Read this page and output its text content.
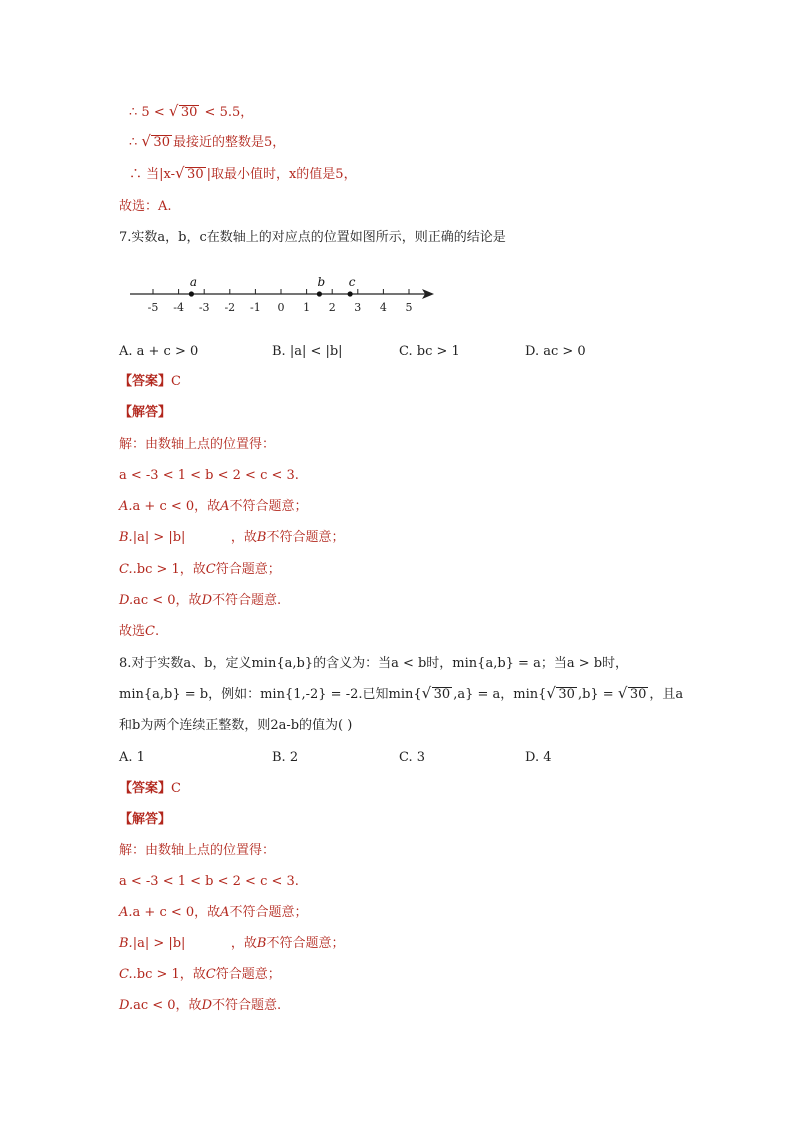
∴ 5 < √ 30 < 5.5，
∴ √ 30 最接近的整数是5，
∴ 当|x- √ 30 |取最小值时，x的值是5，
故选：A.
7.实数a，b，c在数轴上的对应点的位置如图所示，则正确的结论是
-5 -4 -3 -2 -1 0 1 2 3 4 5
a	b c
A. a + c > 0	B. |a| < |b|	C. bc > 1	D. ac > 0
【答案】C
【解答】
解：由数轴上点的位置得：
a < -3 < 1 < b < 2 < c < 3.
A.a + c < 0，故A不符合题意；
B.|a| > |b|           ，故B不符合题意；
C..bc > 1，故C符合题意；
D.ac < 0，故D不符合题意.
故选C.
8.对于实数a、b，定义min{a,b}的含义为：当a < b时，min{a,b} = a；当a > b时，
min{a,b} = b，例如：min{1,-2} = -2.已知min{ √ 30 ,a} = a，min{ √ 30 ,b} = √ 30 ，且a
和b为两个连续正整数，则2a-b的值为( )
A. 1	B. 2	C. 3	D. 4
【答案】C
【解答】
解：由数轴上点的位置得：
a < -3 < 1 < b < 2 < c < 3.
A.a + c < 0，故A不符合题意；
B.|a| > |b|           ，故B不符合题意；
C..bc > 1，故C符合题意；
D.ac < 0，故D不符合题意.
